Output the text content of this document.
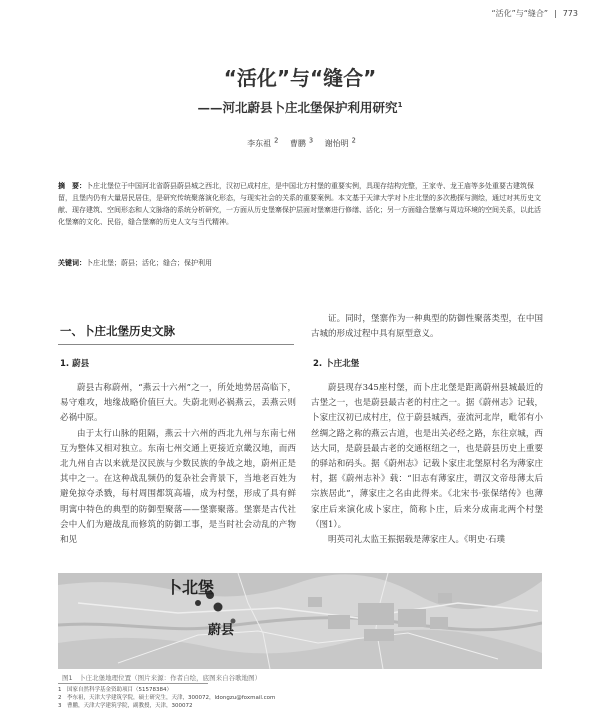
“活化”与“缝合” | 773
“活化”与“缝合”
——河北蔚县卜庄北堡保护利用研究$^1$
李东祖 $^2$ 曹鹏 $^3$ 谢怡明 $^2$
摘　要：卜庄北堡位于中国河北省蔚县蔚县城之西北，汉初已成村庄，是中国北方村堡的重要实例，具现存结构完整，王家寺、龙王庙等多处重要古建筑保留，且堡内仍有大量居民居住，是研究传统聚落演化形态，与现实社会的关系的重要案例。本文基于天津大学对卜庄北堡的多次勘探与测绘，通过对其历史文献、现存建筑、空间形态和人文脉络的系统分析研究，一方面从历史堡寨保护层面对堡寨进行修缮、活化；另一方面缝合堡寨与周边环境的空间关系，以此活化堡寨的文化、民俗，缝合堡寨的历史人文与当代精神。
关键词：卜庄北堡；蔚县；活化；缝合；保护利用
一、卜庄北堡历史文脉
1. 蔚县

蔚县古称蔚州，“燕云十六州”之一，所处地势居高临下，易守难攻，地缘战略价值巨大。失蔚北则必祸燕云，丢燕云则必祸中原。

由于太行山脉的阻隔，燕云十六州的西北九州与东南七州互为整体又相对独立。东南七州交通上更接近京畿汉地，而西北九州自古以来就是汉民族与少数民族的争战之地，蔚州正是其中之一。在这种战乱频仍的复杂社会背景下，当地老百姓为避免掠夺杀戮，每村周围都筑高墙，成为村堡，形成了具有鲜明寓中特色的典型的防御型聚落——堡寨聚落。堡寨是古代社会中人们为避战乱而修筑的防御工事，是当时社会动乱的产物和见

证。同时，堡寨作为一种典型的防御性聚落类型，在中国古城的形成过程中具有原型意义。

2. 卜庄北堡

蔚县现存345座村堡，而卜庄北堡是距离蔚州县城最近的古堡之一，也是蔚县最古老的村庄之一。据《蔚州志》记载，卜家庄汉初已成村庄，位于蔚县城西，壶流河北岸，毗邻有小丝绸之路之称的燕云古道，也是出关必经之路，东往京城，西达大同，是蔚县最古老的交通枢纽之一，也是蔚县历史上重要的驿站和码头。据《蔚州志》记载卜家庄北堡原村名为薄家庄村，据《蔚州志补》载：“旧志有薄家庄，谓汉文帝母薄太后宗族居此”，薄家庄之名由此得来。《北宋书·张保绪传》也薄家庄后来演化成卜家庄，简称卜庄，后来分成南北两个村堡（图1）。

明英司礼太监王振据载是薄家庄人。《明史·石璞

卜北堡
蔚县
图1　卜庄北堡地理位置（图片来源：作者自绘，底图来自谷歌地图）
1　国家自然科学基金资助项目（51578384）
2　李东祖，天津大学建筑学院，硕士研究生，天津，300072，ldongzu@foxmail.com
3　曹鹏，天津大学建筑学院，副教授，天津，300072
